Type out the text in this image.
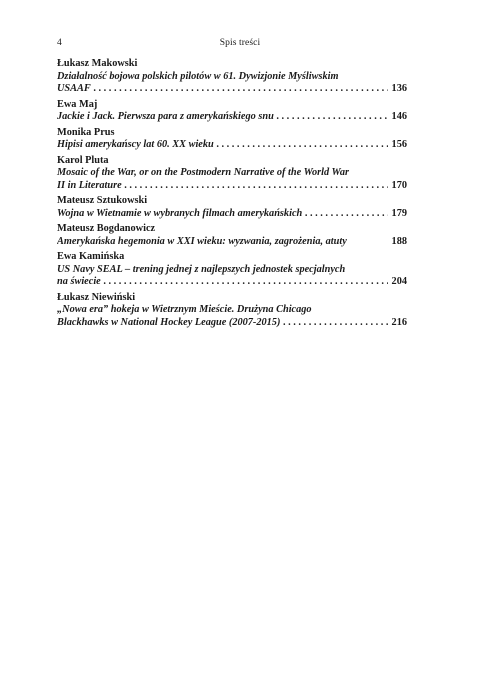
4	Spis treści
Łukasz Makowski
Działalność bojowa polskich pilotów w 61. Dywizjonie Myśliwskim
USAAF . . .	136
Ewa Maj
Jackie i Jack. Pierwsza para z amerykańskiego snu . . .	146
Monika Prus
Hipisi amerykańscy lat 60. XX wieku . . .	156
Karol Pluta
Mosaic of the War, or on the Postmodern Narrative of the World War
II in Literature . . .	170
Mateusz Sztukowski
Wojna w Wietnamie w wybranych filmach amerykańskich . . .	179
Mateusz Bogdanowicz
Amerykańska hegemonia w XXI wieku: wyzwania, zagrożenia, atuty	188
Ewa Kamińska
US Navy SEAL – trening jednej z najlepszych jednostek specjalnych
na świecie . . .	204
Łukasz Niewiński
„Nowa era” hokeja w Wietrznym Mieście. Drużyna Chicago
Blackhawks w National Hockey League (2007-2015) . . .	216
